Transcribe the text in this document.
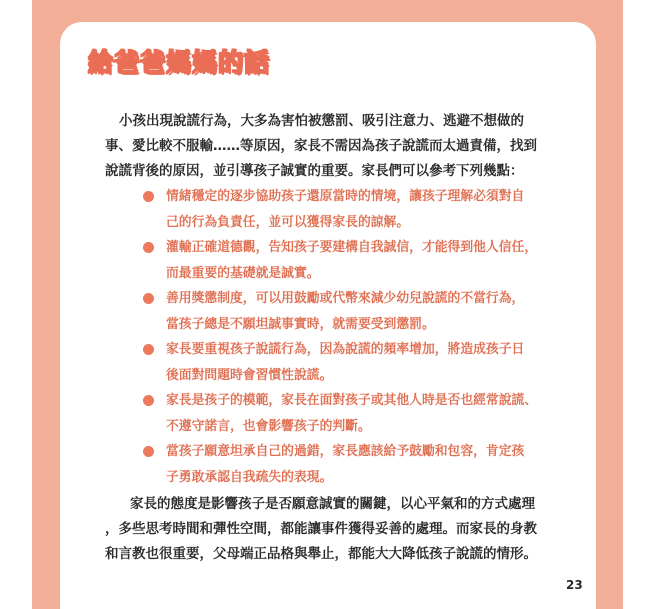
給爸爸媽媽的話
小孩出現說謊行為，大多為害怕被懲罰、吸引注意力、逃避不想做的
事、愛比較不服輸……等原因，家長不需因為孩子說謊而太過責備，找到
說謊背後的原因，並引導孩子誠實的重要。家長們可以參考下列幾點：
情緒穩定的逐步協助孩子還原當時的情境，讓孩子理解必須對自
己的行為負責任，並可以獲得家長的諒解。
灌輸正確道德觀，告知孩子要建構自我誠信，才能得到他人信任，
而最重要的基礎就是誠實。
善用獎懲制度，可以用鼓勵或代幣來減少幼兒說謊的不當行為，
當孩子總是不願坦誠事實時，就需要受到懲罰。
家長要重視孩子說謊行為，因為說謊的頻率增加，將造成孩子日
後面對問題時會習慣性說謊。
家長是孩子的模範，家長在面對孩子或其他人時是否也經常說謊、
不遵守諾言，也會影響孩子的判斷。
當孩子願意坦承自己的過錯，家長應該給予鼓勵和包容，肯定孩
子勇敢承認自我疏失的表現。
家長的態度是影響孩子是否願意誠實的關鍵，以心平氣和的方式處理
，多些思考時間和彈性空間，都能讓事件獲得妥善的處理。而家長的身教
和言教也很重要，父母端正品格與舉止，都能大大降低孩子說謊的情形。
23
